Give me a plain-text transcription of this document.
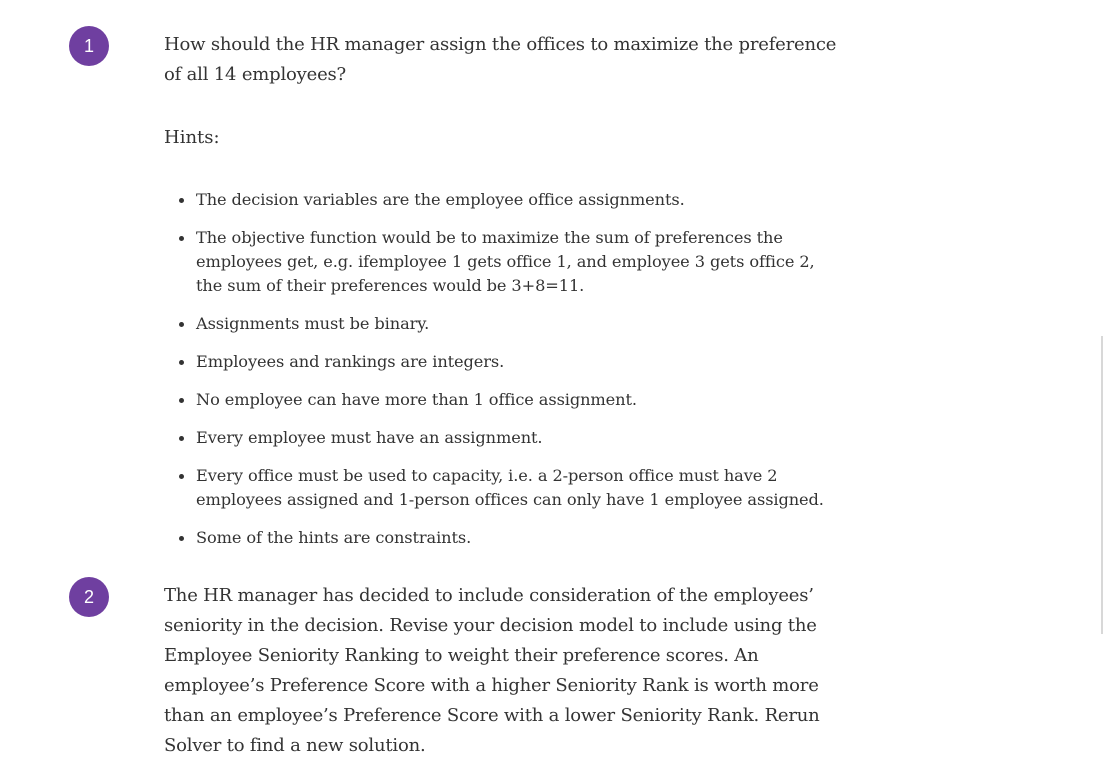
1	How should the HR manager assign the offices to maximize the preference of all 14 employees?

Hints:

The decision variables are the employee office assignments.
The objective function would be to maximize the sum of preferences the employees get, e.g. ifemployee 1 gets office 1, and employee 3 gets office 2, the sum of their preferences would be 3+8=11.
Assignments must be binary.
Employees and rankings are integers.
No employee can have more than 1 office assignment.
Every employee must have an assignment.
Every office must be used to capacity, i.e. a 2-person office must have 2 employees assigned and 1-person offices can only have 1 employee assigned.
Some of the hints are constraints.
2	The HR manager has decided to include consideration of the employees’ seniority in the decision. Revise your decision model to include using the Employee Seniority Ranking to weight their preference scores. An employee’s Preference Score with a higher Seniority Rank is worth more than an employee’s Preference Score with a lower Seniority Rank. Rerun Solver to find a new solution.
